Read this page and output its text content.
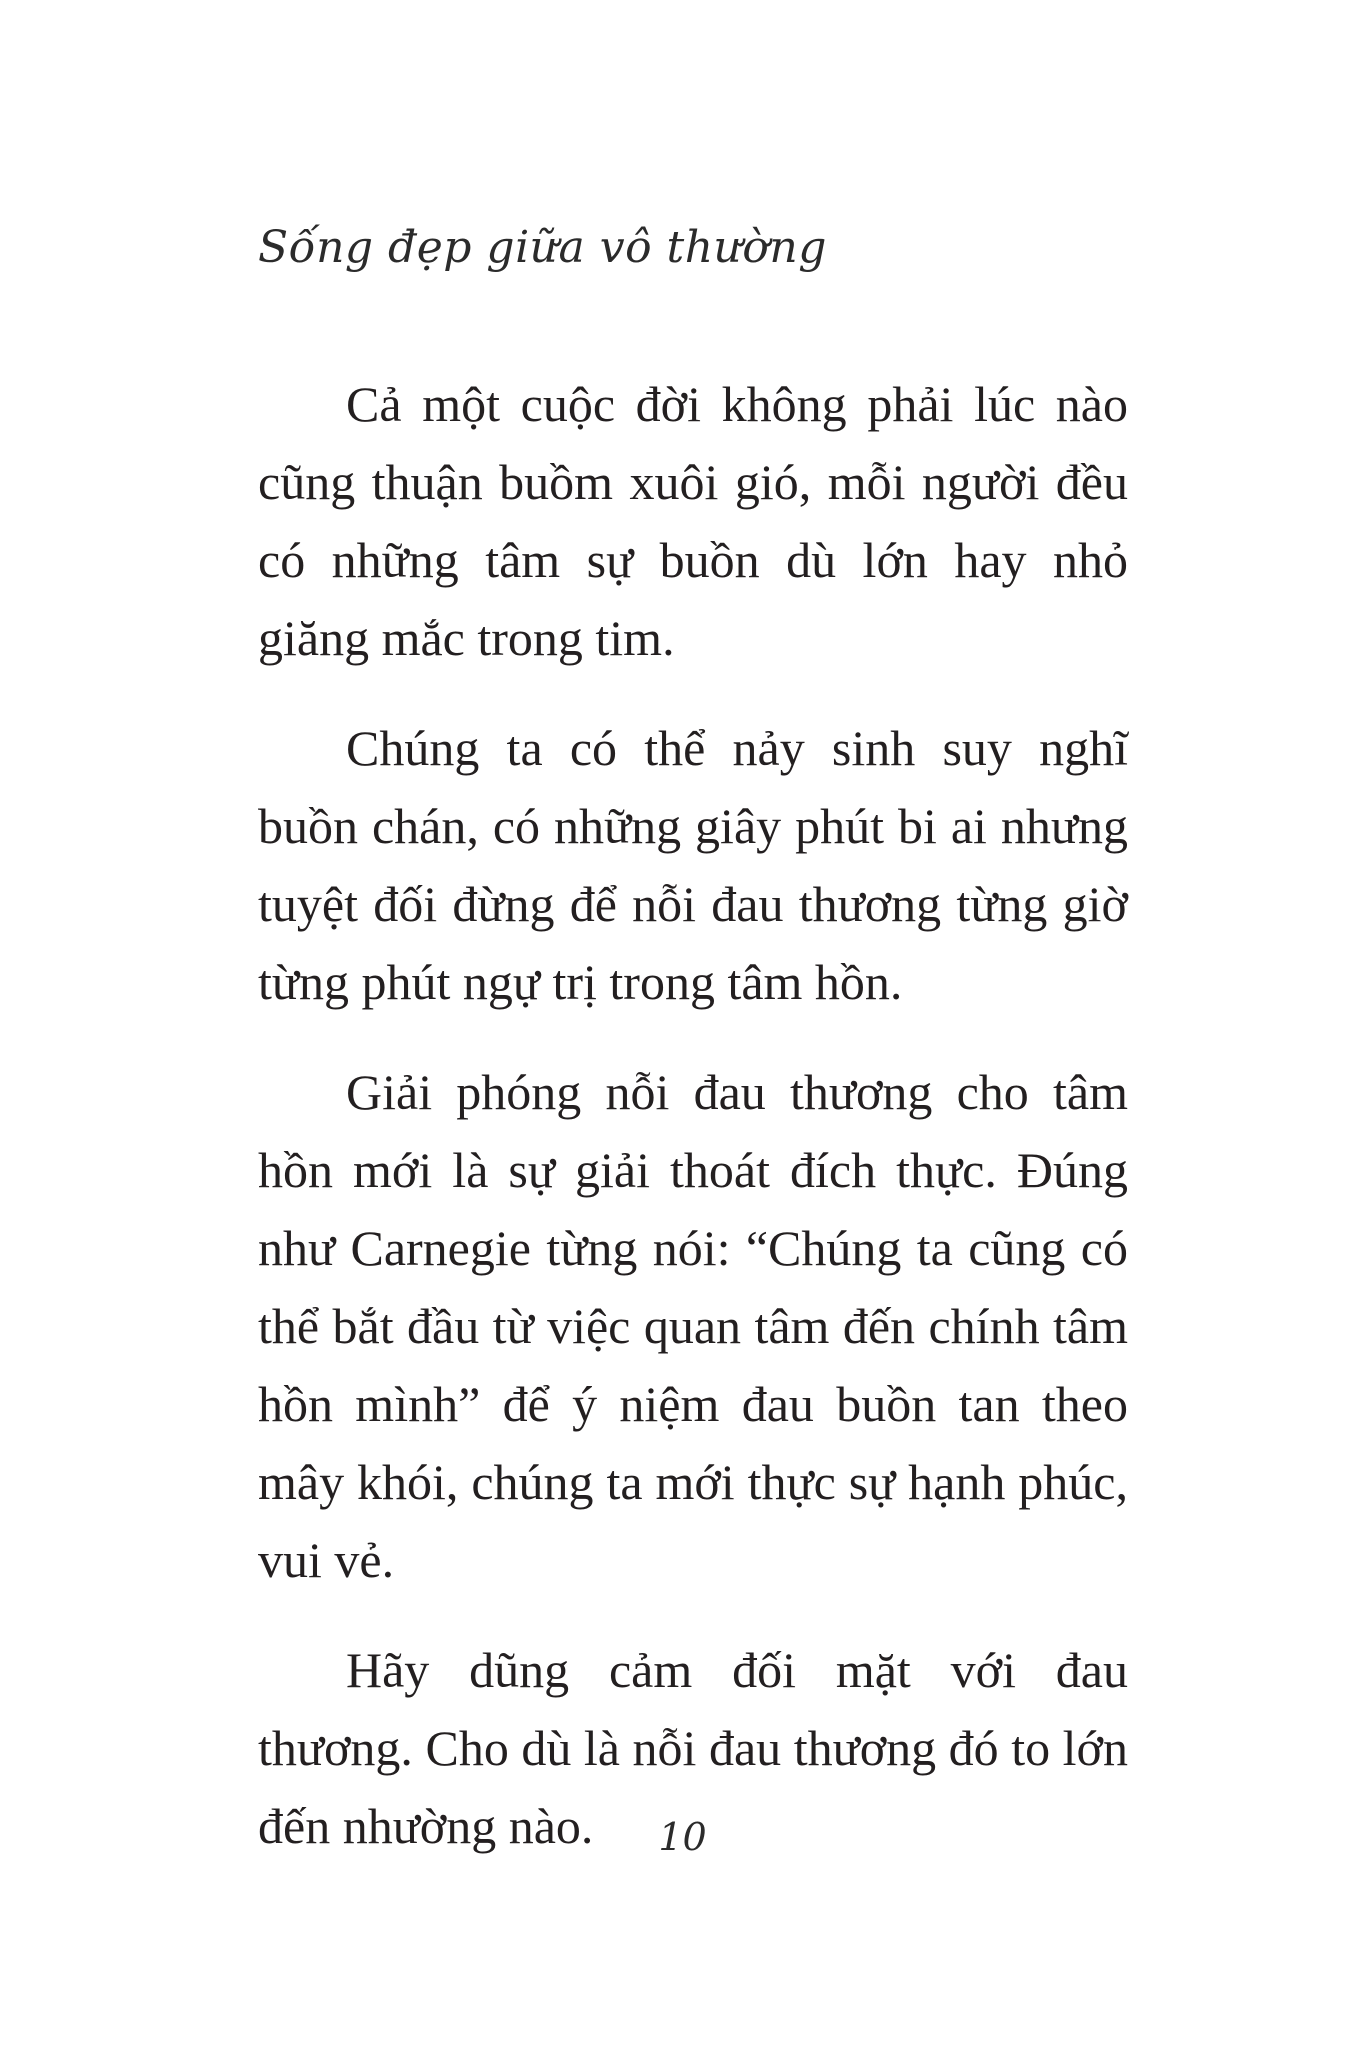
Sống đẹp giữa vô thường

Cả một cuộc đời không phải lúc nào cũng thuận buồm xuôi gió, mỗi người đều có những tâm sự buồn dù lớn hay nhỏ giăng mắc trong tim.

Chúng ta có thể nảy sinh suy nghĩ buồn chán, có những giây phút bi ai nhưng tuyệt đối đừng để nỗi đau thương từng giờ từng phút ngự trị trong tâm hồn.

Giải phóng nỗi đau thương cho tâm hồn mới là sự giải thoát đích thực. Đúng như Carnegie từng nói: “Chúng ta cũng có thể bắt đầu từ việc quan tâm đến chính tâm hồn mình” để ý niệm đau buồn tan theo mây khói, chúng ta mới thực sự hạnh phúc, vui vẻ.

Hãy dũng cảm đối mặt với đau thương. Cho dù là nỗi đau thương đó to lớn đến nhường nào.	10
